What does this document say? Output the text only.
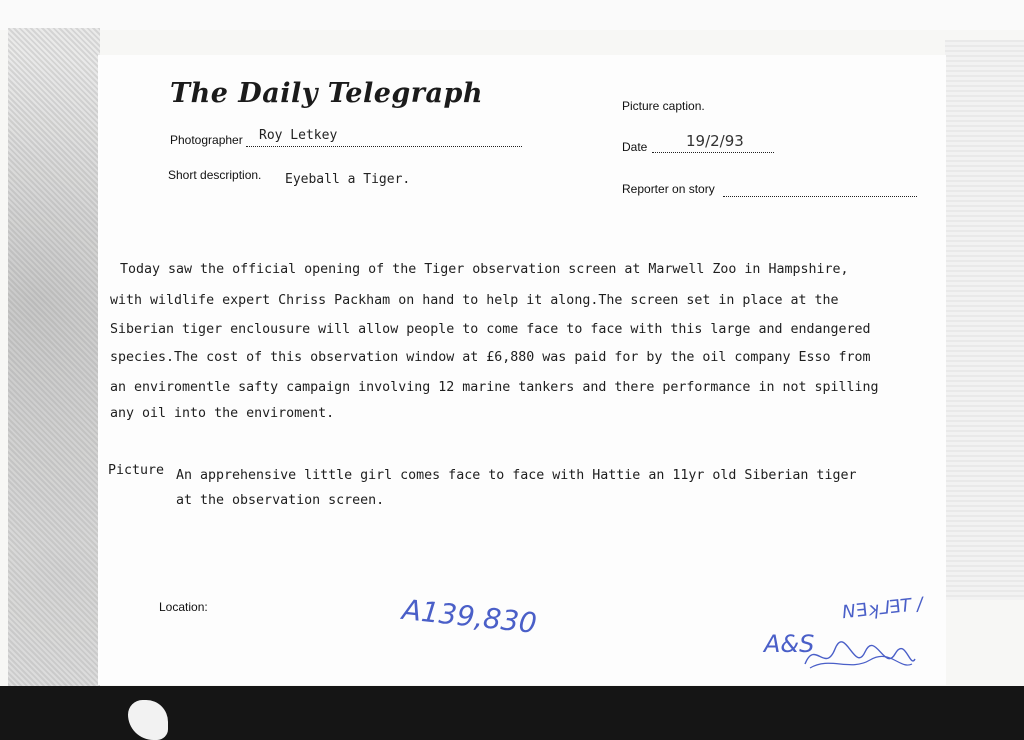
The Daily Telegraph	Picture caption.
Photographer Roy Letkey
Date	19/2/93
Short description. Eyeball a Tiger.
Reporter on story
Today saw the official opening of the Tiger observation screen at Marwell Zoo in Hampshire,
with wildlife expert Chriss Packham on hand to help it along.The screen set in place at the
Siberian tiger enclousure will allow people to come face to face with this large and endangered
species.The cost of this observation window at £6,880 was paid for by the oil company Esso from
an enviromentle safty campaign involving 12 marine tankers and there performance in not spilling
any oil into the enviroment.
Picture An apprehensive little girl comes face to face with Hattie an 11yr old Siberian tiger
at the observation screen.
Location:	A139,830	N∃ʞ⅃∃T /
A&S
